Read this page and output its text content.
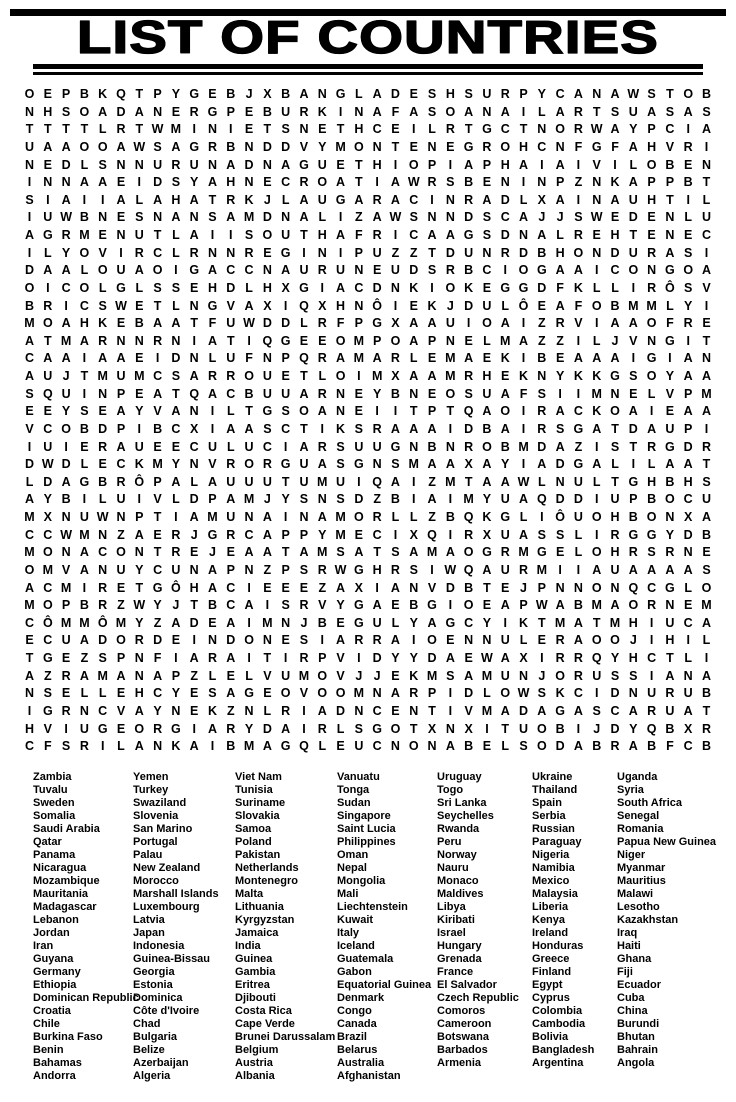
LIST OF COUNTRIES
O E P B K Q T P Y G E B J X B A N G L A D E S H S U R P Y C A N A W S T O B
N H S O A D A N E R G P E B U R K I N A F A S O A N A I	L A R T S U A S A S
T T T T L R T W M I N I E T S N E T H C E I	L R T G C T N O R W A Y P C I A
U A A O O A W S A G R B N D D V Y M O N T E N E G R O H C N F G F A H V R I
N E D L S N N U R U N A D N A G U E T H I O P I A P H A I A I V I	L O B E N
I N N A A E I D S Y A H N E C R O A T	I A W R S B E N I N P Z N K A P P B T
S I A I	I A L A H A T R K J L A U G A R A C I N R A D L X A I N A U H T	I	L
I U W B N E S N A N S A M D N A L	I	Z A W S N N D S C A J J S W E D E N L U
A G R M E N U T L A I	I S O U T H A F R I C A A G S D N A L R E H T E N E C
I	L Y O V I R C L R N N R E G I N I P U Z Z T D U N R D B H O N D U R A S I
D A A L O U A O I G A C C N A U R U N E U D S R B C I O G A A I C O N G O A
O I C O L G L S S E H D L H X G I A C D N K I O K E G G D F K L L	I R Ô S V
B R I C S W E T L N G V A X I Q X H N Ô I E K J D U L Ô E A F O B M M L Y I
M O A H K E B A A T F U W D D L R F P G X A A U I O A I	Z R V I A A O F R E
A T M A R N N R N I A T	I Q G E E O M P O A P N E L M A Z Z	I	L J V N G I	T
C A A I A A E I D N L U F N P Q R A M A R L E M A E K I B E A A A I G I A N
A U J T M U M C S A R R O U E T L O I M X A A M R H E K N Y K K G S O Y A A
S Q U I N P E A T Q A C B U U A R N E Y B N E O S U A F S I	I M N E L V P M
E E Y S E A Y V A N I	L T G S O A N E I	I	T P T Q A O I R A C K O A I E A A
V C O B D P I B C X I A A S C T	I K S R A A A I D B A I R S G A T D A U P I
I U I E R A U E E C U L U C I A R S U U G N B N R O B M D A Z	I S T R G D R
D W D L E C K M Y N V R O R G U A S G N S M A A X A Y I A D G A L	I	L A A T
L D A G B R Ô P A L A U U U T U M U I Q A I	Z M T A A W L N U L T G H B H S
A Y B I	L U I V L D P A M J Y S N S D Z B I A I M Y U A Q D D I U P B O C U
M X N U W N P T	I A M U N A I N A M O R L L Z B Q K G L	I Ô U O H B O N X A
C C W M N Z A E R J G R C A P P Y M E C I X Q I R X U A S S L	I R G G Y D B
M O N A C O N T R E J E A A T A M S A T S A M A O G R M G E L O H R S R N E
O M V A N U Y C U N A P N Z P S R W G H R S I W Q A U R M I	I A U A A A A S
A C M I R E T G Ô H A C I E E E Z A X I A N V D B T E J P N N O N Q C G L O
M O P B R Z W Y J T B C A I S R V Y G A E B G I O E A P W A B M A O R N E M
C Ô M M Ô M Y Z A D E A I M N J B E G U L Y A G C Y I K T M A T M H I U C A
E C U A D O R D E I N D O N E S I A R R A I O E N N U L E R A O O J	I H I	L
T G E Z S P N F	I A R A I	T	I R P V I D Y Y D A E W A X I R R Q Y H C T L	I
A Z R A M A N A P Z L E L V U M O V J J E K M S A M U N J O R U S S I A N A
N S E L L E H C Y E S A G E O V O O M N A R P I D L O W S K C I D N U R U B
I G R N C V A Y N E K Z N L R I A D N C E N T	I V M A D A G A S C A R U A T
H V I U G E O R G I A R Y D A I R L S G O T X N X I	T U O B I	J D Y Q B X R
C F S R I	L A N K A I B M A G Q L E U C N O N A B E L S O D A B R A B F C B
Zambia
Tuvalu
Sweden
Somalia
Saudi Arabia
Qatar
Panama
Nicaragua
Mozambique
Mauritania
Madagascar
Lebanon
Jordan
Iran
Guyana
Germany
Ethiopia
Dominican Republic
Croatia
Chile
Burkina Faso
Benin
Bahamas
Andorra
Yemen
Turkey
Swaziland
Slovenia
San Marino
Portugal
Palau
New Zealand
Morocco
Marshall Islands
Luxembourg
Latvia
Japan
Indonesia
Guinea-Bissau
Georgia
Estonia
Dominica
Côte d'Ivoire
Chad
Bulgaria
Belize
Azerbaijan
Algeria
Viet Nam
Tunisia
Suriname
Slovakia
Samoa
Poland
Pakistan
Netherlands
Montenegro
Malta
Lithuania
Kyrgyzstan
Jamaica
India
Guinea
Gambia
Eritrea
Djibouti
Costa Rica
Cape Verde
Brunei Darussalam
Belgium
Austria
Albania
Vanuatu
Tonga
Sudan
Singapore
Saint Lucia
Philippines
Oman
Nepal
Mongolia
Mali
Liechtenstein
Kuwait
Italy
Iceland
Guatemala
Gabon
Equatorial Guinea
Denmark
Congo
Canada
Brazil
Belarus
Australia
Afghanistan
Uruguay
Togo
Sri Lanka
Seychelles
Rwanda
Peru
Norway
Nauru
Monaco
Maldives
Libya
Kiribati
Israel
Hungary
Grenada
France
El Salvador
Czech Republic
Comoros
Cameroon
Botswana
Barbados
Armenia
Ukraine
Thailand
Spain
Serbia
Russian
Paraguay
Nigeria
Namibia
Mexico
Malaysia
Liberia
Kenya
Ireland
Honduras
Greece
Finland
Egypt
Cyprus
Colombia
Cambodia
Bolivia
Bangladesh
Argentina
Uganda
Syria
South Africa
Senegal
Romania
Papua New Guinea
Niger
Myanmar
Mauritius
Malawi
Lesotho
Kazakhstan
Iraq
Haiti
Ghana
Fiji
Ecuador
Cuba
China
Burundi
Bhutan
Bahrain
Angola
